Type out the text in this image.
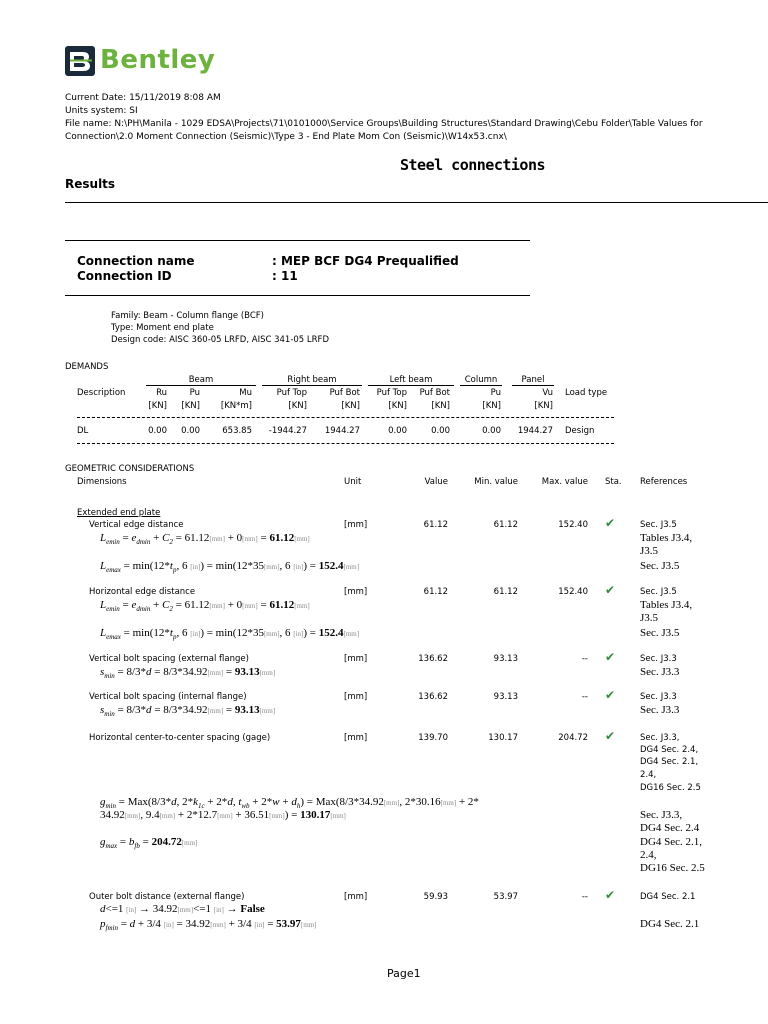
Bentley
Current Date: 15/11/2019 8:08 AM
Units system: SI
File name: N:\PH\Manila - 1029 EDSA\Projects\71\0101000\Service Groups\Building Structures\Standard Drawing\Cebu Folder\Table Values for
Connection\2.0 Moment Connection (Seismic)\Type 3 - End Plate Mom Con (Seismic)\W14x53.cnx\
Steel connections
Results
Connection name	: MEP BCF DG4 Prequalified
Connection ID	: 11
Family: Beam - Column flange (BCF)
Type: Moment end plate
Design code: AISC 360-05 LRFD, AISC 341-05 LRFD
DEMANDS
Beam	Right beam	Left beam	Column	Panel
Description	Load type
Ru	Pu	Mu	Puf Top	Puf Bot	Puf Top	Puf Bot	Pu	Vu
[KN]	[KN]	[KN*m]	[KN]	[KN]	[KN]	[KN]	[KN]	[KN]
DL	0.00	0.00	653.85	-1944.27	1944.27	0.00	0.00	0.00	1944.27 Design
GEOMETRIC CONSIDERATIONS
Dimensions	Unit	Value	Min. value	Max. value Sta. References
Extended end plate
Vertical edge distance	[mm]	61.12	61.12	152.40 ✔	Sec. J3.5
$L_{emin} = e_{dmin} + C_2 = 61.12[mm] + 0[mm] = 61.12[mm]$	Tables J3.4,
J3.5
$L_{emax} = \min(12*t_p$, 6 [in]) = min(12*35[mm], 6 [in]) = 152.4[mm]	Sec. J3.5
Horizontal edge distance	[mm]	61.12	61.12	152.40 ✔	Sec. J3.5
$L_{emin} = e_{dmin} + C_2 = 61.12[mm] + 0[mm] = 61.12[mm]$	Tables J3.4,
J3.5
$L_{emax} = \min(12*t_p$, 6 [in]) = min(12*35[mm], 6 [in]) = 152.4[mm]	Sec. J3.5
Vertical bolt spacing (external flange)	[mm]	136.62	93.13	-- ✔	Sec. J3.3
$s_{min} = 8/3*d = 8/3*34.92[mm] = 93.13[mm]$	Sec. J3.3
Vertical bolt spacing (internal flange)	[mm]	136.62	93.13	-- ✔	Sec. J3.3
$s_{min} = 8/3*d = 8/3*34.92[mm] = 93.13[mm]$	Sec. J3.3
Horizontal center-to-center spacing (gage)	[mm]	139.70	130.17	204.72 ✔	Sec. J3.3,
DG4 Sec. 2.4,
DG4 Sec. 2.1,
2.4,
DG16 Sec. 2.5
$g_{min} = Max(8/3*d$, $2*k_{1c} + 2*d$, $t_{wb} + 2*w + d_h) = Max(8/3*34.92[mm]$, 2*30.16[mm] + 2*
34.92[mm], 9.4[mm] + 2*12.7[mm] + 36.51[mm]) = 130.17[mm]	Sec. J3.3,
DG4 Sec. 2.4
$g_{max} = b_{fb} = 204.72[mm]$	DG4 Sec. 2.1,
2.4,
DG16 Sec. 2.5
Outer bolt distance (external flange)	[mm]	59.93	53.97	-- ✔	DG4 Sec. 2.1
d<=1 [in] → 34.92[mm]<=1 [in] → False
$p_{fmin} = d + 3/4$ [in] = 34.92[mm] + 3/4 [in] = 53.97[mm]	DG4 Sec. 2.1
Page1
